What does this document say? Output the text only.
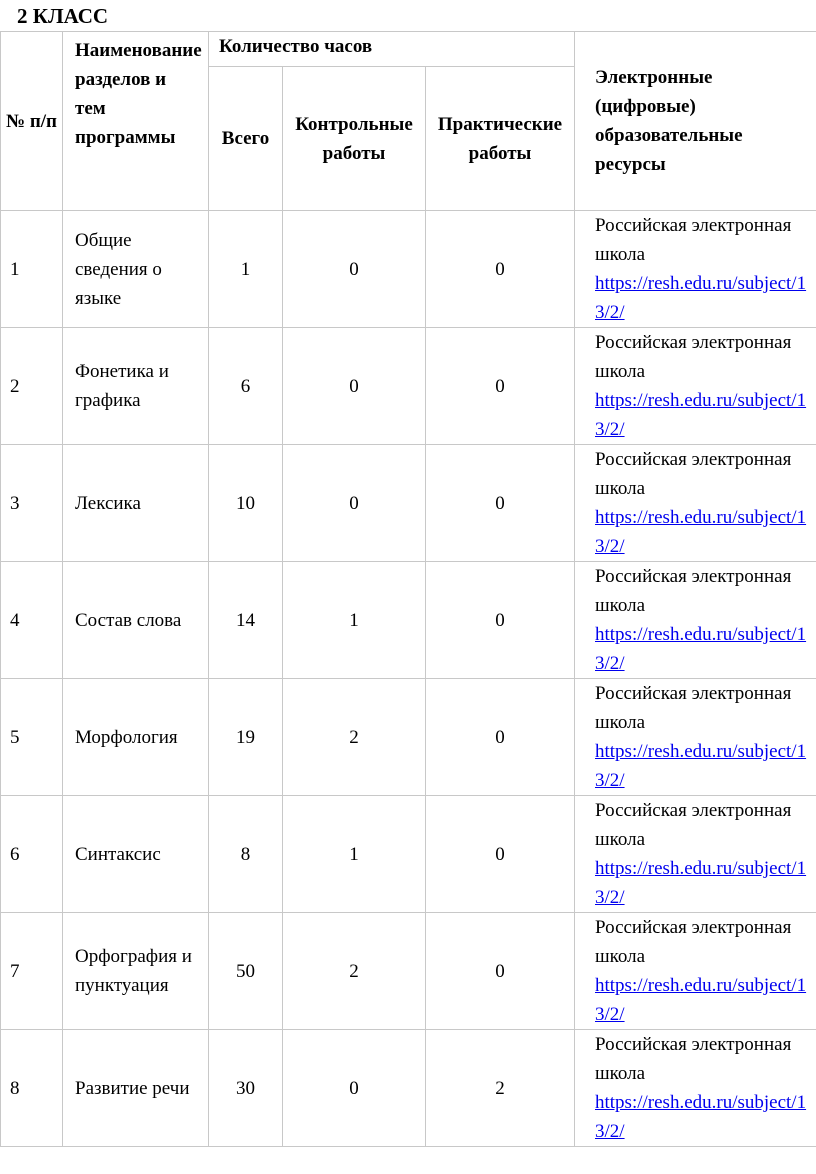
2 КЛАСС
№ п/п	Наименование разделов и тем программы	Количество часов			Электронные (цифровые) образовательные ресурсы
		Всего	Контрольные работы	Практические работы	
1	Общие сведения о языке	1	0	0	Российская электронная школа
https://resh.edu.ru/subject/13/2/
2	Фонетика и графика	6	0	0	Российская электронная школа
https://resh.edu.ru/subject/13/2/
3	Лексика	10	0	0	Российская электронная школа
https://resh.edu.ru/subject/13/2/
4	Состав слова	14	1	0	Российская электронная школа
https://resh.edu.ru/subject/13/2/
5	Морфология	19	2	0	Российская электронная школа
https://resh.edu.ru/subject/13/2/
6	Синтаксис	8	1	0	Российская электронная школа
https://resh.edu.ru/subject/13/2/
7	Орфография и пунктуация	50	2	0	Российская электронная школа
https://resh.edu.ru/subject/13/2/
8	Развитие речи	30	0	2	Российская электронная школа
https://resh.edu.ru/subject/13/2/
